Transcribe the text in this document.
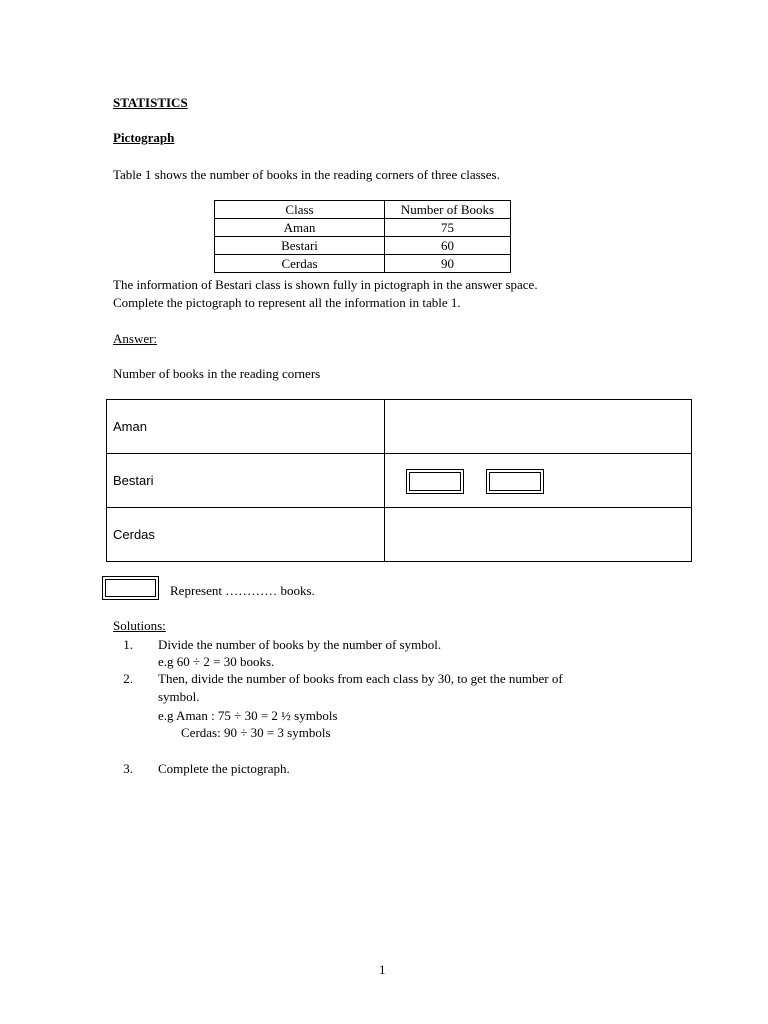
STATISTICS
Pictograph
Table 1 shows the number of books in the reading corners of three classes.
Class	Number of Books
Aman	75
Bestari	60
Cerdas	90
The information of Bestari class is shown fully in pictograph in the answer space.
Complete the pictograph to represent all the information in table 1.
Answer:
Number of books in the reading corners
Aman	
Bestari	

Cerdas	
Represent ………… books.
Solutions:
1. Divide the number of books by the number of symbol.
e.g 60 ÷ 2 = 30 books.
2. Then, divide the number of books from each class by 30, to get the number of
symbol.
e.g Aman : 75 ÷ 30 = 2 ½ symbols
Cerdas: 90 ÷ 30 = 3 symbols
3. Complete the pictograph.
1
